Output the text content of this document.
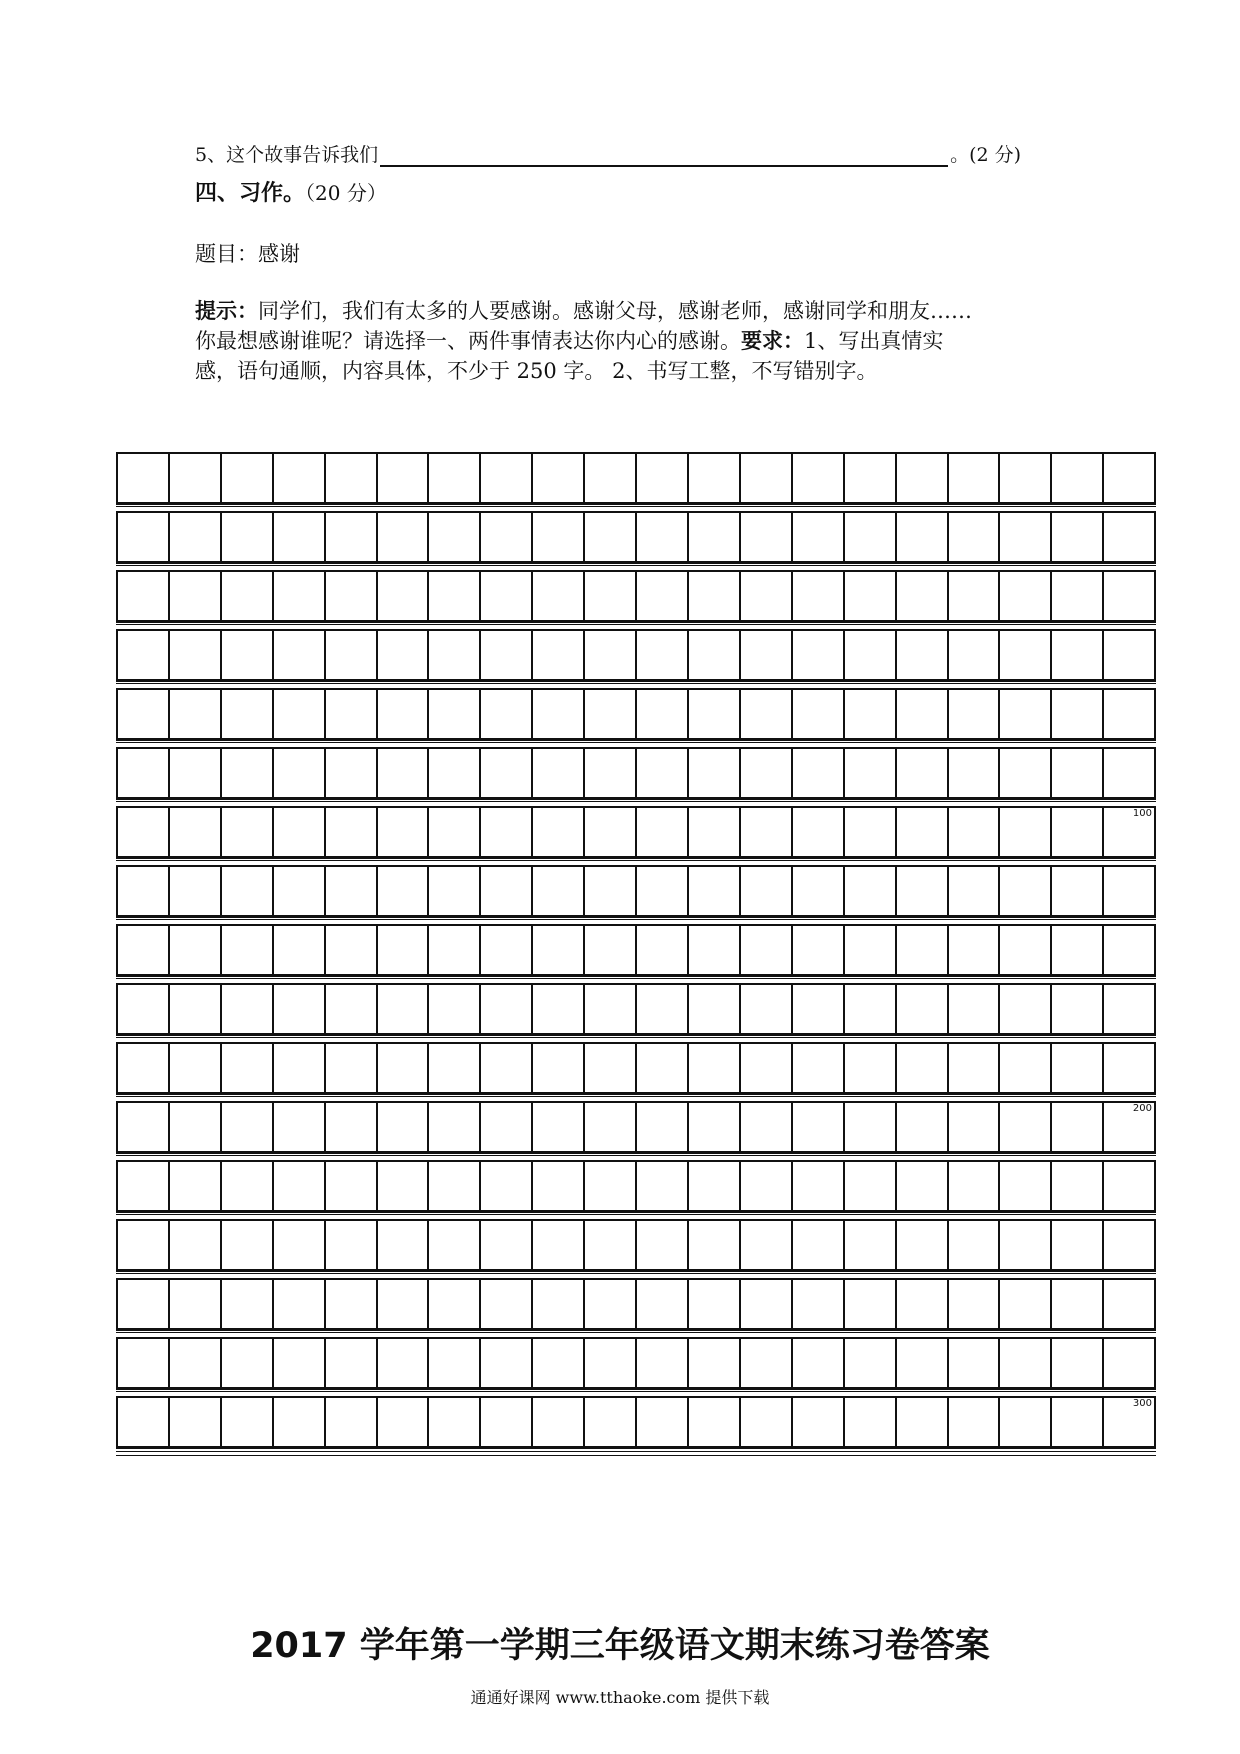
5、这个故事告诉我们	。(2 分)
四、习作。（20 分）
题目：感谢
提示：同学们，我们有太多的人要感谢。感谢父母，感谢老师，感谢同学和朋友……
你最想感谢谁呢？请选择一、两件事情表达你内心的感谢。要求：1、写出真情实
感，语句通顺，内容具体，不少于 250 字。 2、书写工整，不写错别字。
100
200
300
2017 学年第一学期三年级语文期末练习卷答案
通通好课网 www.tthaoke.com 提供下载
